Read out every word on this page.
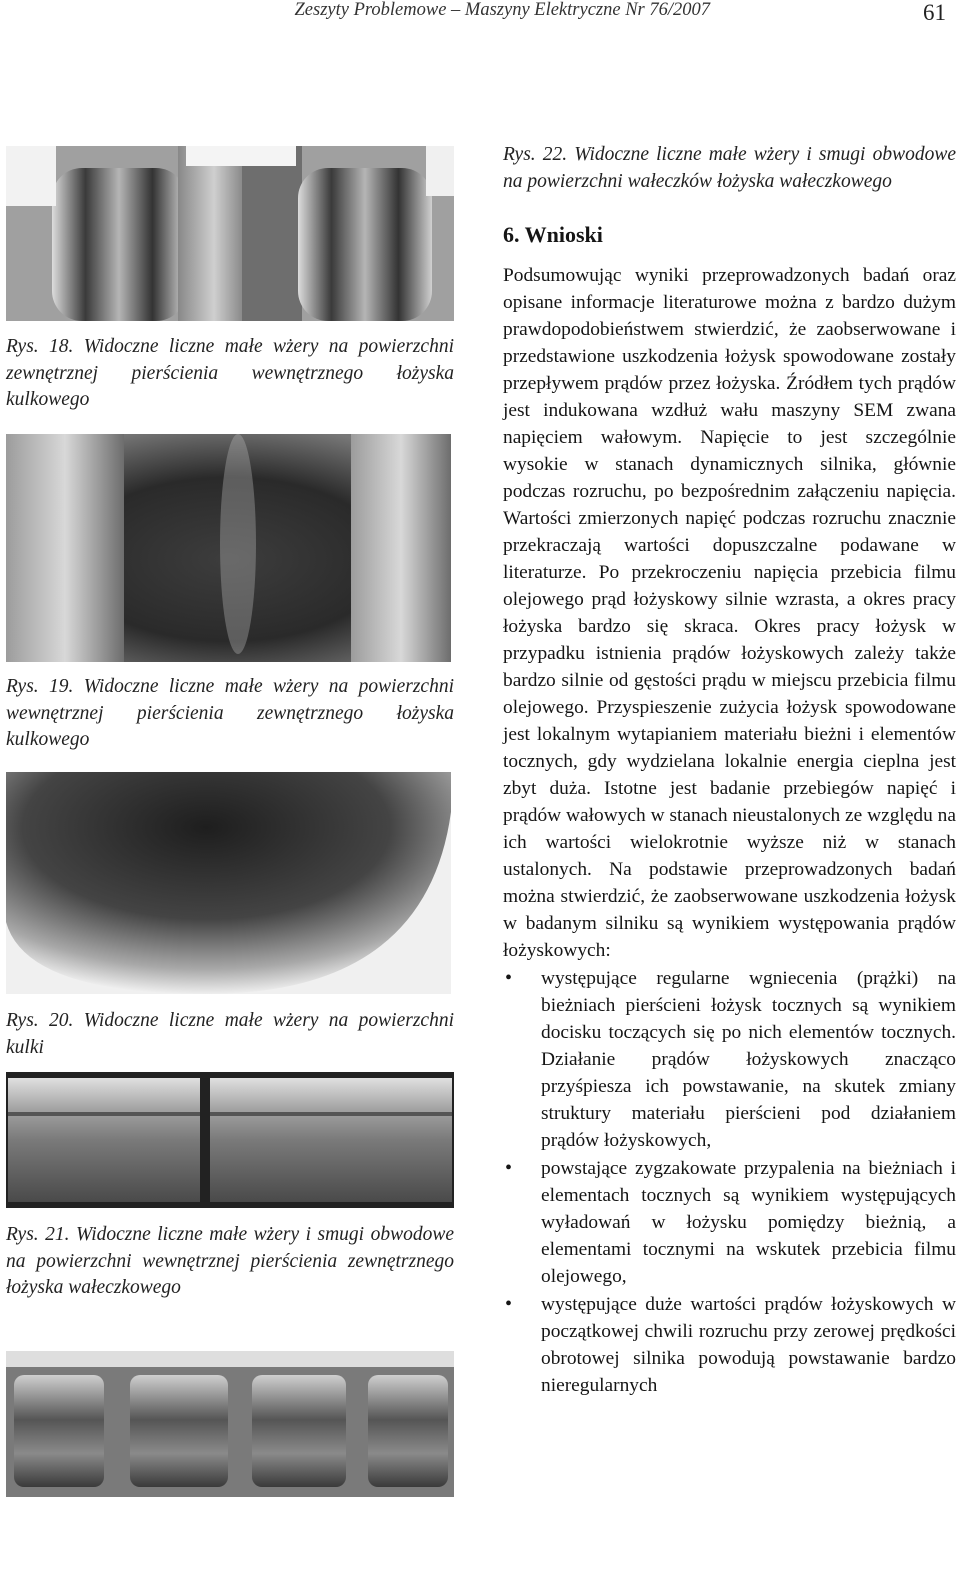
Zeszyty Problemowe – Maszyny Elektryczne Nr 76/2007	61
Rys. 18. Widoczne liczne małe wżery na powierzchni zewnętrznej pierścienia wewnętrznego łożyska kulkowego
Rys. 19. Widoczne liczne małe wżery na powierzchni wewnętrznej pierścienia zewnętrznego łożyska kulkowego
Rys. 20. Widoczne liczne małe wżery na powierzchni kulki
Rys. 21. Widoczne liczne małe wżery i smugi obwodowe na powierzchni wewnętrznej pierścienia zewnętrznego łożyska wałeczkowego

Rys. 22. Widoczne liczne małe wżery i smugi obwodowe na powierzchni wałeczków łożyska wałeczkowego

6. Wnioski

Podsumowując wyniki przeprowadzonych badań oraz opisane informacje literaturowe można z bardzo dużym prawdopodobieństwem stwierdzić, że zaobserwowane i przedstawione uszkodzenia łożysk spowodowane zostały przepływem prądów przez łożyska. Źródłem tych prądów jest indukowana wzdłuż wału maszyny SEM zwana napięciem wałowym. Napięcie to jest szczególnie wysokie w stanach dynamicznych silnika, głównie podczas rozruchu, po bezpośrednim załączeniu napięcia. Wartości zmierzonych napięć podczas rozruchu znacznie przekraczają wartości dopuszczalne podawane w literaturze. Po przekroczeniu napięcia przebicia filmu olejowego prąd łożyskowy silnie wzrasta, a okres pracy łożyska bardzo się skraca. Okres pracy łożysk w przypadku istnienia prądów łożyskowych zależy także bardzo silnie od gęstości prądu w miejscu przebicia filmu olejowego. Przyspieszenie zużycia łożysk spowodowane jest lokalnym wytapianiem materiału bieżni i elementów tocznych, gdy wydzielana lokalnie energia cieplna jest zbyt duża. Istotne jest badanie przebiegów napięć i prądów wałowych w stanach nieustalonych ze względu na ich wartości wielokrotnie wyższe niż w stanach ustalonych. Na podstawie przeprowadzonych badań można stwierdzić, że zaobserwowane uszkodzenia łożysk w badanym silniku są wynikiem występowania prądów łożyskowych:

• występujące regularne wgniecenia (prążki) na bieżniach pierścieni łożysk tocznych są wynikiem docisku toczących się po nich elementów tocznych. Działanie prądów łożyskowych znacząco przyśpiesza ich powstawanie, na skutek zmiany struktury materiału pierścieni pod działaniem prądów łożyskowych,
• powstające zygzakowate przypalenia na bieżniach i elementach tocznych są wynikiem występujących wyładowań w łożysku pomiędzy bieżnią, a elementami tocznymi na wskutek przebicia filmu olejowego,
• występujące duże wartości prądów łożyskowych w początkowej chwili rozruchu przy zerowej prędkości obrotowej silnika powodują powstawanie bardzo nieregularnych
